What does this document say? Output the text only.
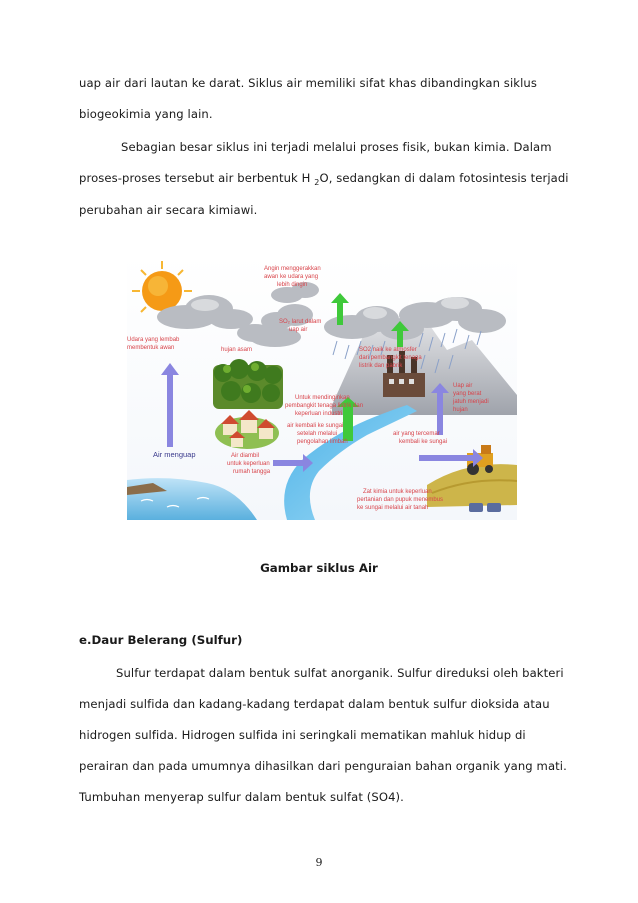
uap air dari lautan ke darat. Siklus air memiliki sifat khas dibandingkan siklus
biogeokimia yang lain.
Sebagian besar siklus ini terjadi melalui proses fisik, bukan kimia. Dalam
proses-proses tersebut air berbentuk H $_2$O, sedangkan di dalam fotosintesis terjadi
perubahan air secara kimiawi.
Angin menggerakkan
awan ke udara yang
lebih dingin
Udara yang lembab
membentuk awan
SO₂ larut dalam
uap air
hujan asam	SO2 naik ke atmosfer
dari pembangkit tenaga
listrik dan pabrik
Uap air
yang berat
jatuh menjadi
hujan
Untuk mendinginkan
pembangkit tenaga listrik dan
keperluan industri
air kembali ke sungai
setelah melalui
pengolahan limbah
air yang tercemar
kembali ke sungai
Air menguap	Air diambil
untuk keperluan
rumah tangga
Zat kimia untuk keperluan
pertanian dan pupuk menembus
ke sungai melalui air tanah
Gambar siklus Air
e.Daur Belerang (Sulfur)
Sulfur terdapat dalam bentuk sulfat anorganik. Sulfur direduksi oleh bakteri
menjadi sulfida dan kadang-kadang terdapat dalam bentuk sulfur dioksida atau
hidrogen sulfida. Hidrogen sulfida ini seringkali mematikan mahluk hidup di
perairan dan pada umumnya dihasilkan dari penguraian bahan organik yang mati.
Tumbuhan menyerap sulfur dalam bentuk sulfat (SO4).
9
